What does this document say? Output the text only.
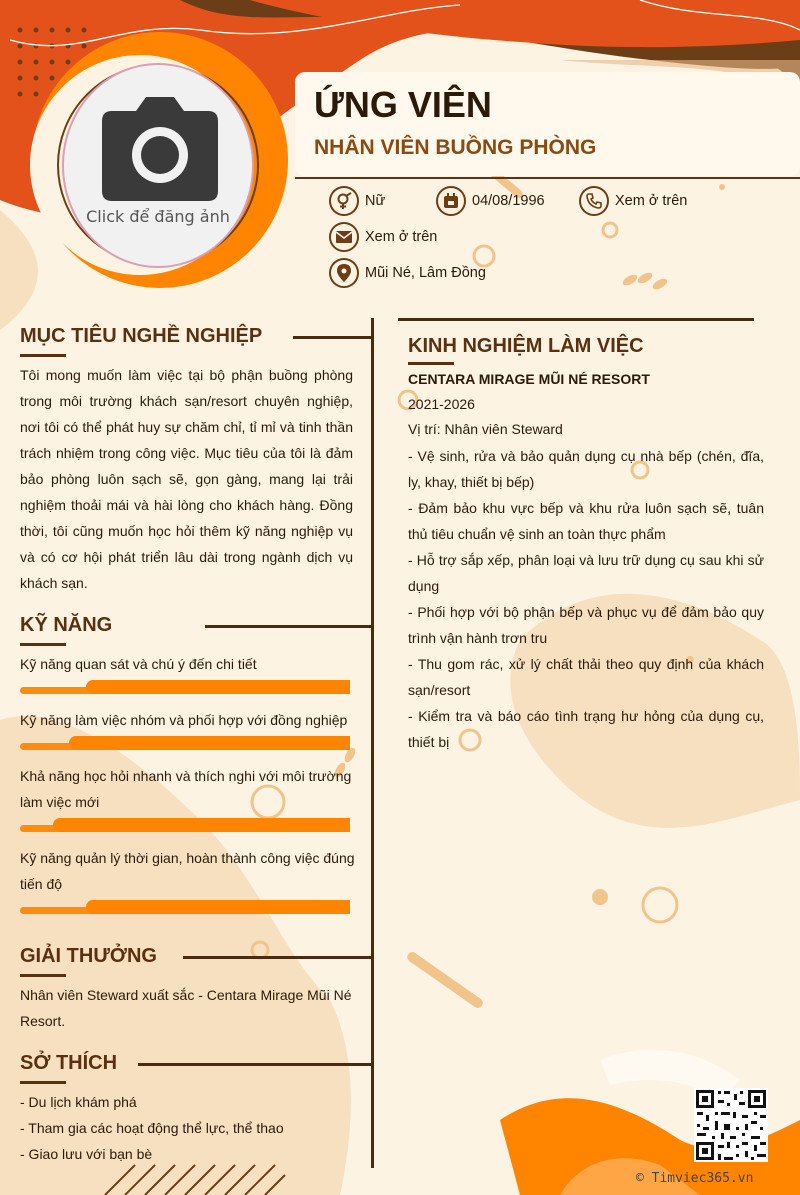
Click để đăng ảnh
ỨNG VIÊN
NHÂN VIÊN BUỒNG PHÒNG
Nữ	04/08/1996	Xem ở trên
Xem ở trên
Mũi Né, Lâm Đồng
MỤC TIÊU NGHỀ NGHIỆP
Tôi mong muốn làm việc tại bộ phận buồng phòng trong môi trường khách sạn/resort chuyên nghiệp, nơi tôi có thể phát huy sự chăm chỉ, tỉ mỉ và tinh thần trách nhiệm trong công việc. Mục tiêu của tôi là đảm bảo phòng luôn sạch sẽ, gọn gàng, mang lại trải nghiệm thoải mái và hài lòng cho khách hàng. Đồng thời, tôi cũng muốn học hỏi thêm kỹ năng nghiệp vụ và có cơ hội phát triển lâu dài trong ngành dịch vụ khách sạn.
KỸ NĂNG
Kỹ năng quan sát và chú ý đến chi tiết
Kỹ năng làm việc nhóm và phối hợp với đồng nghiệp
Khả năng học hỏi nhanh và thích nghi với môi trường làm việc mới
Kỹ năng quản lý thời gian, hoàn thành công việc đúng tiến độ
GIẢI THƯỞNG
Nhân viên Steward xuất sắc - Centara Mirage Mũi Né Resort.
SỞ THÍCH
- Du lịch khám phá
- Tham gia các hoạt động thể lực, thể thao
- Giao lưu với bạn bè
KINH NGHIỆM LÀM VIỆC
CENTARA MIRAGE MŨI NÉ RESORT
2021-2026
Vị trí: Nhân viên Steward
- Vệ sinh, rửa và bảo quản dụng cụ nhà bếp (chén, đĩa, ly, khay, thiết bị bếp)
- Đảm bảo khu vực bếp và khu rửa luôn sạch sẽ, tuân thủ tiêu chuẩn vệ sinh an toàn thực phẩm
- Hỗ trợ sắp xếp, phân loại và lưu trữ dụng cụ sau khi sử dụng
- Phối hợp với bộ phận bếp và phục vụ để đảm bảo quy trình vận hành trơn tru
- Thu gom rác, xử lý chất thải theo quy định của khách sạn/resort
- Kiểm tra và báo cáo tình trạng hư hỏng của dụng cụ, thiết bị
© Timviec365.vn
